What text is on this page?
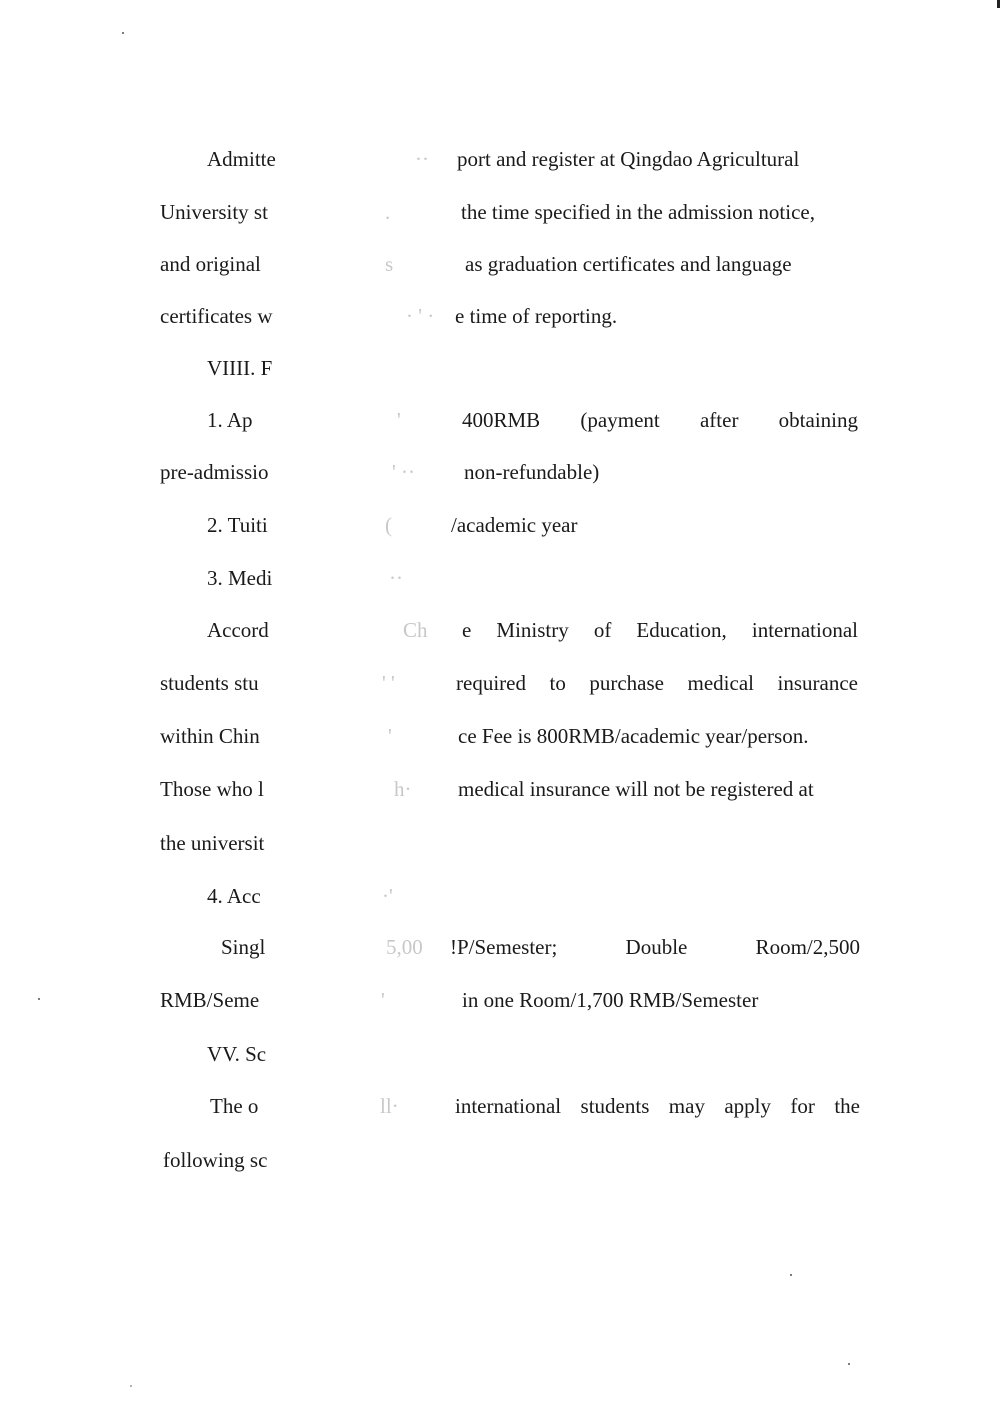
Admitte	·· port and register at Qingdao Agricultural
University st	.	the time specified in the admission notice,
and original	s	as graduation certificates and language
certificates w	· ' · e time of reporting.
VIIII. F
1. Ap	'	400RMB (payment after obtaining
pre-admissio	' ·· non-refundable)
2. Tuiti	(	/academic year
3. Medi	··
Accord	Ch e Ministry of Education, international
students stu	' '	required to purchase medical insurance
within Chin	'	ce Fee is 800RMB/academic year/person.
Those who l	h· medical insurance will not be registered at
the universit
4. Acc	·'
Singl	5,00 !P/Semester; Double Room/2,500
RMB/Seme	'	in one Room/1,700 RMB/Semester
VV. Sc
The o	ll·	international students may apply for the
following sc
